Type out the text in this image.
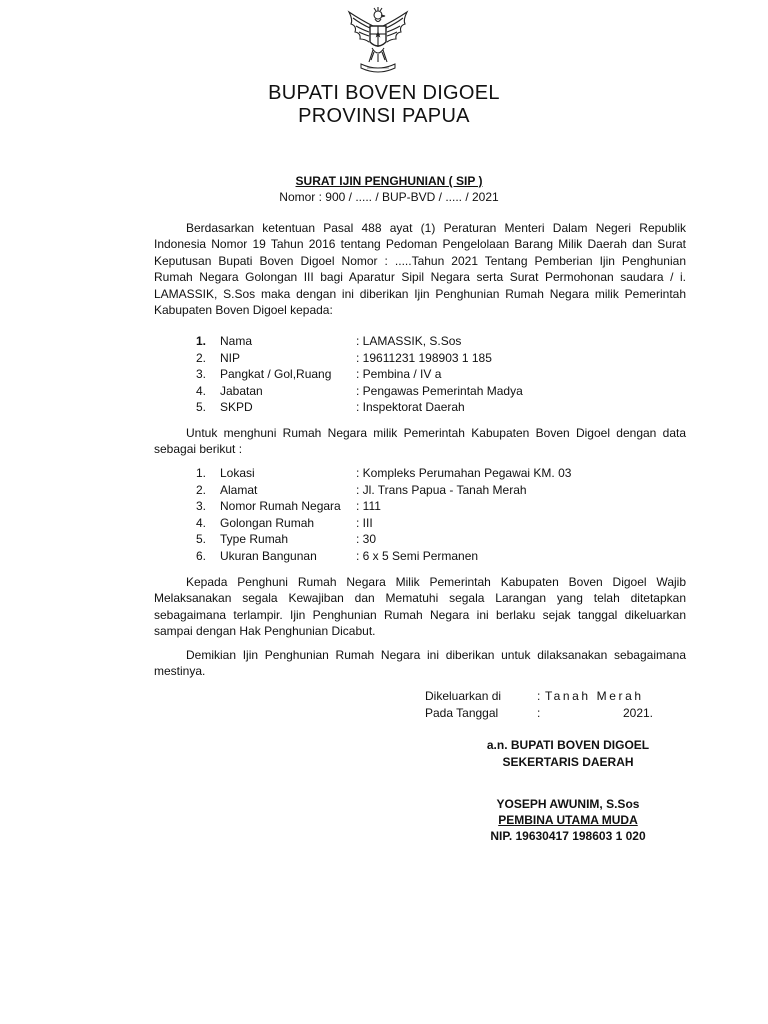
BUPATI BOVEN DIGOEL
PROVINSI PAPUA
SURAT IJIN PENGHUNIAN ( SIP )
Nomor : 900 / ..... / BUP-BVD / ..... / 2021
Berdasarkan ketentuan Pasal 488 ayat (1) Peraturan Menteri Dalam Negeri Republik Indonesia Nomor 19 Tahun 2016 tentang Pedoman Pengelolaan Barang Milik Daerah dan Surat Keputusan Bupati Boven Digoel Nomor : .....Tahun 2021 Tentang Pemberian Ijin Penghunian Rumah Negara Golongan III bagi Aparatur Sipil Negara serta Surat Permohonan saudara / i. LAMASSIK, S.Sos maka dengan ini diberikan Ijin Penghunian Rumah Negara milik Pemerintah Kabupaten Boven Digoel kepada:
1.	Nama	: LAMASSIK, S.Sos
2.	NIP	: 19611231 198903 1 185
3.	Pangkat / Gol,Ruang : Pembina / IV a
4.	Jabatan	: Pengawas Pemerintah Madya
5.	SKPD	: Inspektorat Daerah
Untuk menghuni Rumah Negara milik Pemerintah Kabupaten Boven Digoel dengan data sebagai berikut :
1.	Lokasi	: Kompleks Perumahan Pegawai KM. 03
2.	Alamat	: Jl. Trans Papua - Tanah Merah
3.	Nomor Rumah Negara : 111
4.	Golongan Rumah	: III
5.	Type Rumah	: 30
6.	Ukuran Bangunan	: 6 x 5 Semi Permanen
Kepada Penghuni Rumah Negara Milik Pemerintah Kabupaten Boven Digoel Wajib Melaksanakan segala Kewajiban dan Mematuhi segala Larangan yang telah ditetapkan sebagaimana terlampir. Ijin Penghunian Rumah Negara ini berlaku sejak tanggal dikeluarkan sampai dengan Hak Penghunian Dicabut.
Demikian Ijin Penghunian Rumah Negara ini diberikan untuk dilaksanakan sebagaimana mestinya.
Dikeluarkan di	: Tanah Merah
Pada Tanggal	:	2021.
a.n. BUPATI BOVEN DIGOEL
SEKERTARIS DAERAH
YOSEPH AWUNIM, S.Sos
PEMBINA UTAMA MUDA
NIP. 19630417 198603 1 020
